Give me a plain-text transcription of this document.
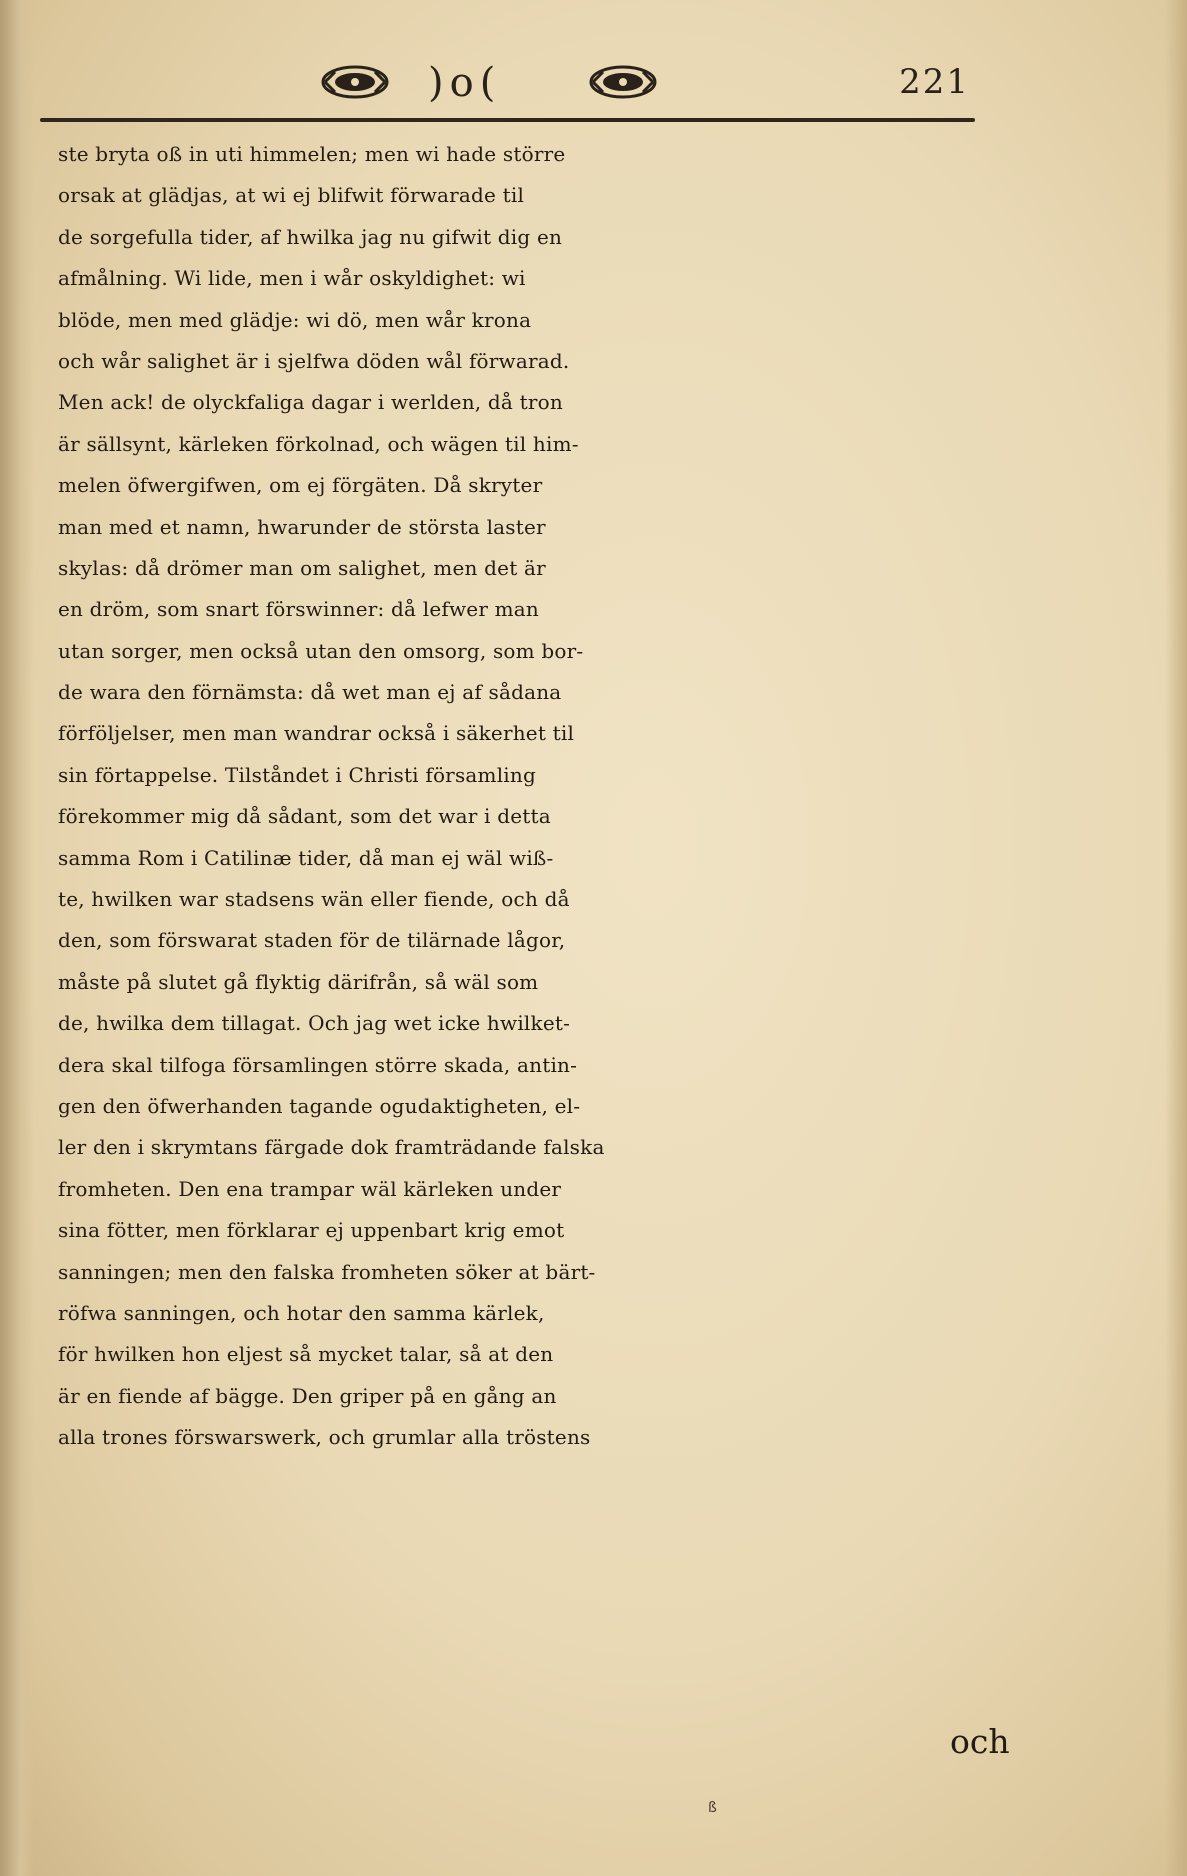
)o(	221
ste bryta oß in uti himmelen; men wi hade större
orsak at glädjas, at wi ej blifwit förwarade til
de sorgefulla tider, af hwilka jag nu gifwit dig en
afmålning. Wi lide, men i wår oskyldighet: wi
blöde, men med glädje: wi dö, men wår krona
och wår salighet är i sjelfwa döden wål förwarad.
Men ack! de olyckfaliga dagar i werlden, då tron
är sällsynt, kärleken förkolnad, och wägen til him-
melen öfwergifwen, om ej förgäten. Då skryter
man med et namn, hwarunder de största laster
skylas: då drömer man om salighet, men det är
en dröm, som snart förswinner: då lefwer man
utan sorger, men också utan den omsorg, som bor-
de wara den förnämsta: då wet man ej af sådana
förföljelser, men man wandrar också i säkerhet til
sin förtappelse. Tilståndet i Christi församling
förekommer mig då sådant, som det war i detta
samma Rom i Catilinæ tider, då man ej wäl wiß-
te, hwilken war stadsens wän eller fiende, och då
den, som förswarat staden för de tilärnade lågor,
måste på slutet gå flyktig därifrån, så wäl som
de, hwilka dem tillagat. Och jag wet icke hwilket-
dera skal tilfoga församlingen större skada, antin-
gen den öfwerhanden tagande ogudaktigheten, el-
ler den i skrymtans färgade dok framträdande falska
fromheten. Den ena trampar wäl kärleken under
sina fötter, men förklarar ej uppenbart krig emot
sanningen; men den falska fromheten söker at bärt-
röfwa sanningen, och hotar den samma kärlek,
för hwilken hon eljest så mycket talar, så at den
är en fiende af bägge. Den griper på en gång an
alla trones förswarswerk, och grumlar alla tröstens
och
ß
